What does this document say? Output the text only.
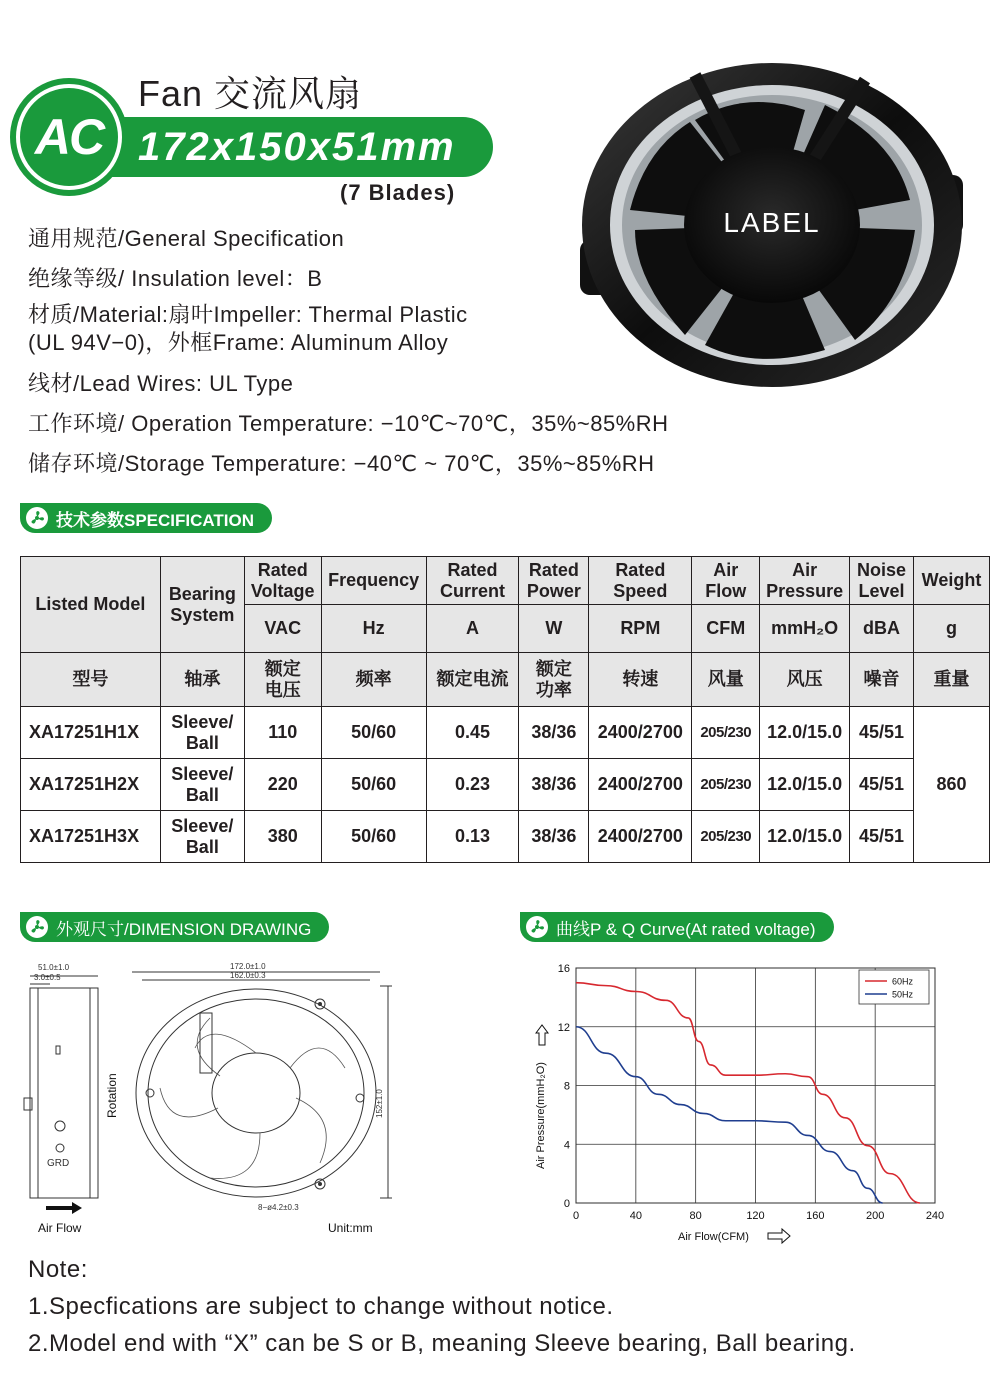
AC
Fan 交流风扇
172x150x51mm
(7 Blades)
通用规范/General Specification
绝缘等级/ Insulation level：B
材质/Material:扇叶Impeller: Thermal Plastic
(UL 94V−0)，外框Frame: Aluminum Alloy
线材/Lead Wires: UL Type
工作环境/ Operation Temperature: −10℃~70℃，35%~85%RH
储存环境/Storage Temperature: −40℃ ~ 70℃，35%~85%RH
LABEL
技术参数SPECIFICATION
Listed Model	Bearing System	Rated Voltage	Frequency	Rated Current	Rated Power	Rated Speed	Air Flow	Air Pressure	Noise Level	Weight
		VAC	Hz	A	W	RPM	CFM	mmH₂O	dBA	g
型号	轴承	额定电压	频率	额定电流	额定功率	转速	风量	风压	噪音	重量
XA17251H1X	Sleeve/ Ball	110	50/60	0.45	38/36	2400/2700	205/230	12.0/15.0	45/51	860
XA17251H2X	Sleeve/ Ball	220	50/60	0.23	38/36	2400/2700	205/230	12.0/15.0	45/51	
XA17251H3X	Sleeve/ Ball	380	50/60	0.13	38/36	2400/2700	205/230	12.0/15.0	45/51	
外观尺寸/DIMENSION DRAWING	曲线P & Q Curve(At rated voltage)
51.0±1.0
3.0±0.5
GRD
Air Flow
Rotation
172.0±1.0
162.0±0.3
152±1.0
8−ø4.2±0.3
Unit:mm
0	40	80	120	160	200	240
0
4
8
12
16
60Hz
50Hz
Air Pressure(mmH₂O)
Air Flow(CFM)
Note:
1.Specfications are subject to change without notice.
2.Model end with “X” can be S or B, meaning Sleeve bearing, Ball bearing.
